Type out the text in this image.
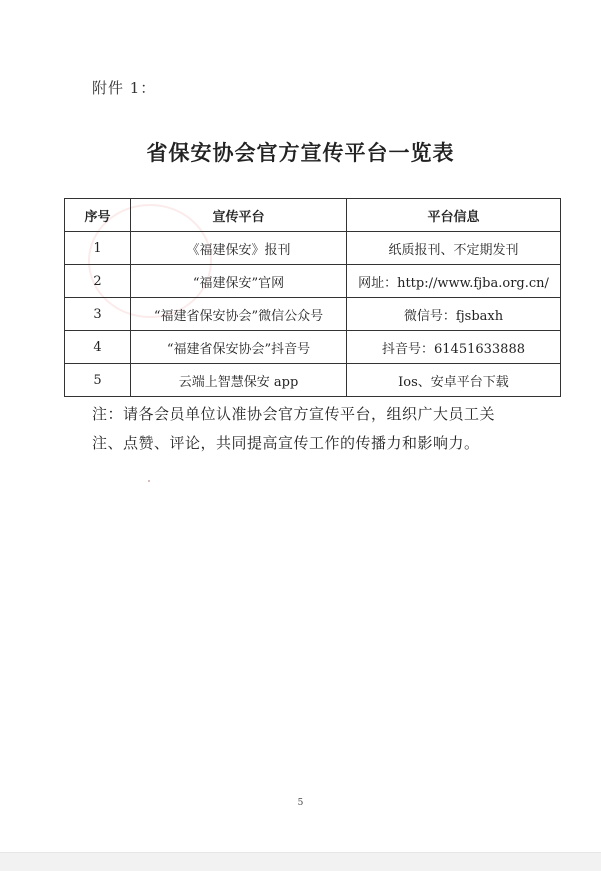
附件 1：
省保安协会官方宣传平台一览表
序号	宣传平台	平台信息
1	《福建保安》报刊	纸质报刊、不定期发刊
2	“福建保安”官网	网址：http://www.fjba.org.cn/
3	“福建省保安协会”微信公众号	微信号：fjsbaxh
4	“福建省保安协会”抖音号	抖音号：61451633888
5	云端上智慧保安 app	Ios、安卓平台下载

注：请各会员单位认准协会官方宣传平台，组织广大员工关

注、点赞、评论，共同提高宣传工作的传播力和影响力。

5
